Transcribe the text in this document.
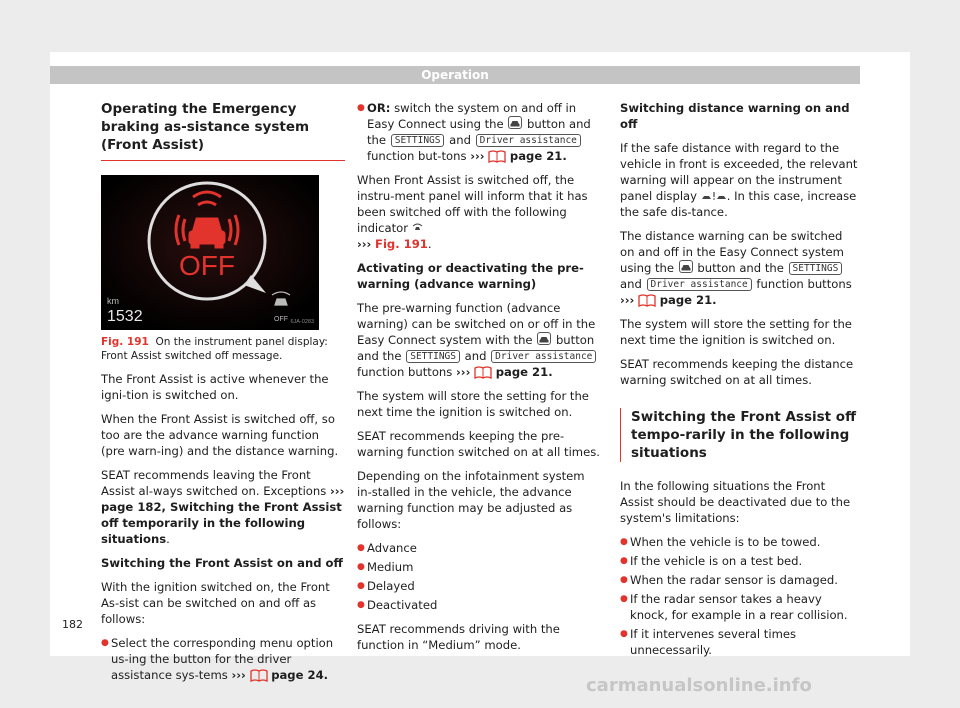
Operation
Operating the Emergency braking as-sistance system (Front Assist)
OFF
km
1532	OFF 6JA-0283

Fig. 191 On the instrument panel display: Front Assist switched off message.

The Front Assist is active whenever the igni-tion is switched on.

When the Front Assist is switched off, so too are the advance warning function (pre warn-ing) and the distance warning.

SEAT recommends leaving the Front Assist al-ways switched on. Exceptions ››› page 182, Switching the Front Assist off temporarily in the following situations.

Switching the Front Assist on and off

With the ignition switched on, the Front As-sist can be switched on and off as follows:

● Select the corresponding menu option us-ing the button for the driver assistance sys-tems ››› page 24.

● OR: switch the system on and off in Easy Connect using the button and the SETTINGS and Driver assistance function but-tons ››› page 21.

When Front Assist is switched off, the instru-ment panel will inform that it has been switched off with the following indicator
››› Fig. 191.

Activating or deactivating the pre-warning (advance warning)

The pre-warning function (advance warning) can be switched on or off in the Easy Connect system with the button and the SETTINGS and Driver assistance function buttons ››› page 21.

The system will store the setting for the next time the ignition is switched on.

SEAT recommends keeping the pre-warning function switched on at all times.

Depending on the infotainment system in-stalled in the vehicle, the advance warning function may be adjusted as follows:

● Advance
● Medium
● Delayed
● Deactivated

SEAT recommends driving with the function in “Medium” mode.

Switching distance warning on and off

If the safe distance with regard to the vehicle in front is exceeded, the relevant warning will appear on the instrument panel display	. In this case, increase the safe dis-tance.

The distance warning can be switched on and off in the Easy Connect system using the button and the SETTINGS and Driver assistance function buttons ››› page 21.

The system will store the setting for the next time the ignition is switched on.

SEAT recommends keeping the distance warning switched on at all times.

Switching the Front Assist off tempo-rarily in the following situations

In the following situations the Front Assist should be deactivated due to the system's limitations:

● When the vehicle is to be towed.
● If the vehicle is on a test bed.
● When the radar sensor is damaged.
● If the radar sensor takes a heavy knock, for example in a rear collision.
● If it intervenes several times unnecessarily.
182
carmanualsonline.info
